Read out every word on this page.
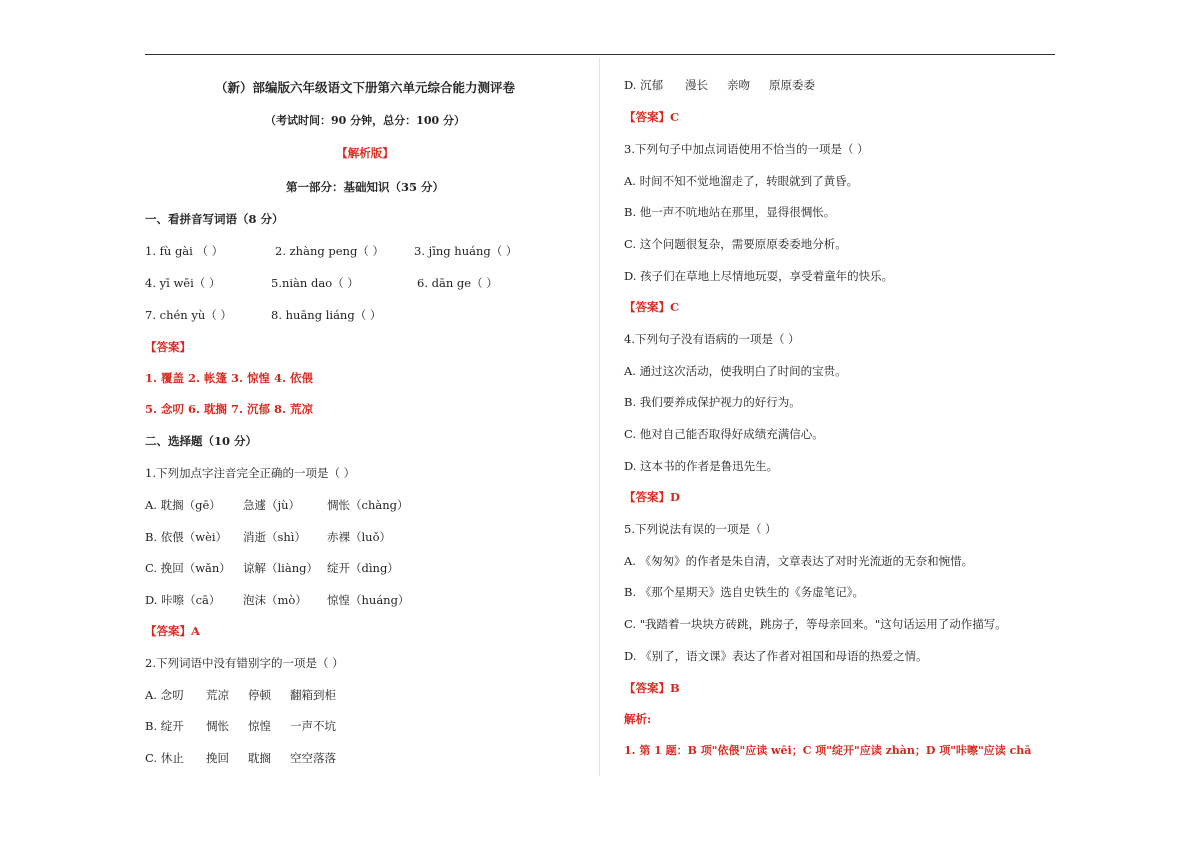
（新）部编版六年级语文下册第六单元综合能力测评卷
（考试时间：90 分钟，总分：100 分）
【解析版】
第一部分：基础知识（35 分）
一、看拼音写词语（8 分）
1. fù gài （ ）	2. zhàng peng（ ）	3. jīng huáng（ ）
4. yī wēi（ ）	5.niàn dao（ ）	6. dān ge（ ）
7. chén yù（ ）	8. huāng liáng（ ）
【答案】
1. 覆盖 2. 帐篷 3. 惊惶 4. 依偎
5. 念叨 6. 耽搁 7. 沉郁 8. 荒凉
二、选择题（10 分）
1.下列加点字注音完全正确的一项是（ ）
A. 耽搁（gē） 急遽（jù） 惆怅（chàng）
B. 依偎（wèi） 消逝（shì） 赤裸（luǒ）
C. 挽回（wǎn） 谅解（liàng） 绽开（dìng）
D. 咔嚓（cā） 泡沫（mò） 惊惶（huáng）
【答案】A
2.下列词语中没有错别字的一项是（ ）
A. 念叨 荒凉 停顿 翻箱到柜
B. 绽开 惆怅 惊惶 一声不坑
C. 休止 挽回 耽搁 空空落落
D. 沉郁 漫长 亲吻 原原委委
【答案】C
3.下列句子中加点词语使用不恰当的一项是（ ）
A. 时间不知不觉地溜走了，转眼就到了黄昏。
B. 他一声不吭地站在那里，显得很惆怅。
C. 这个问题很复杂，需要原原委委地分析。
D. 孩子们在草地上尽情地玩耍，享受着童年的快乐。
【答案】C
4.下列句子没有语病的一项是（ ）
A. 通过这次活动，使我明白了时间的宝贵。
B. 我们要养成保护视力的好行为。
C. 他对自己能否取得好成绩充满信心。
D. 这本书的作者是鲁迅先生。
【答案】D
5.下列说法有误的一项是（ ）
A. 《匆匆》的作者是朱自清，文章表达了对时光流逝的无奈和惋惜。
B. 《那个星期天》选自史铁生的《务虚笔记》。
C. "我踏着一块块方砖跳，跳房子，等母亲回来。"这句话运用了动作描写。
D. 《别了，语文课》表达了作者对祖国和母语的热爱之情。
【答案】B
解析:
1. 第 1 题：B 项"依偎"应读 wēi；C 项"绽开"应读 zhàn；D 项"咔嚓"应读 chā
